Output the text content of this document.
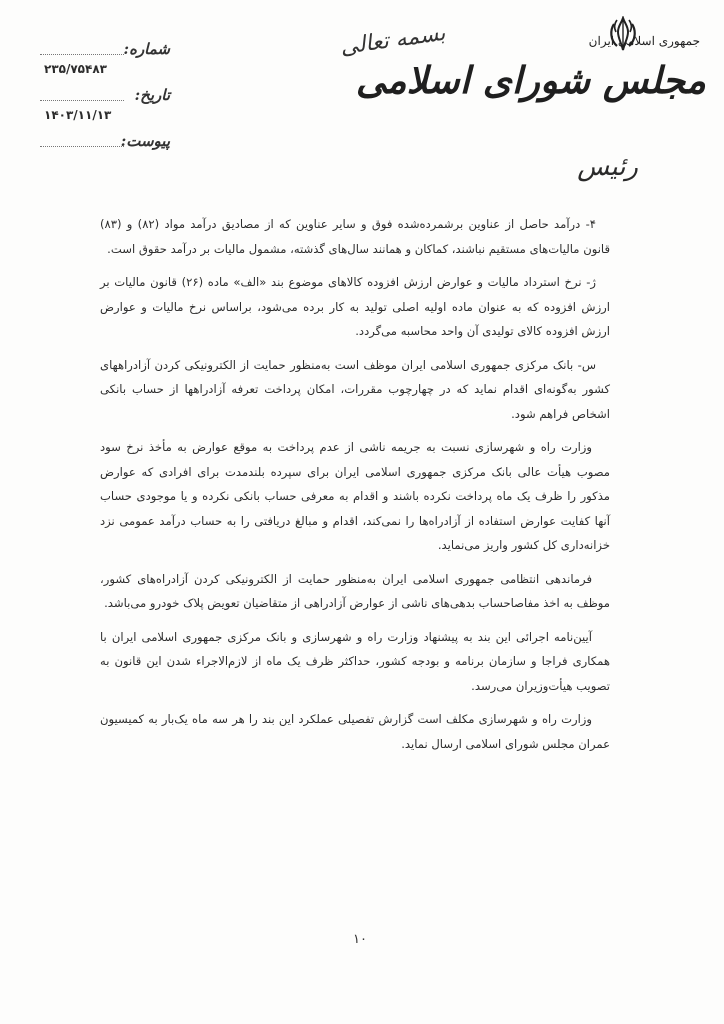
جمهوری اسلامی ایران
مجلس شورای اسلامی
رئیس
بسمه تعالی
شماره:
۲۳۵/۷۵۴۸۳
تاریخ:
۱۴۰۳/۱۱/۱۳
پیوست:

۴- درآمد حاصل از عناوین برشمرده‌شده فوق و سایر عناوین که از مصادیق درآمد مواد (۸۲) و (۸۳) قانون مالیات‌های مستقیم نباشند، کماکان و همانند سال‌های گذشته، مشمول مالیات بر درآمد حقوق است.

ژ- نرخ استرداد مالیات و عوارض ارزش افزوده کالاهای موضوع بند «الف» ماده (۲۶) قانون مالیات بر ارزش افزوده که به عنوان ماده اولیه اصلی تولید به کار برده می‌شود، براساس نرخ مالیات و عوارض ارزش افزوده کالای تولیدی آن واحد محاسبه می‌گردد.

س- بانک مرکزی جمهوری اسلامی ایران موظف است به‌منظور حمایت از الکترونیکی کردن آزادراههای کشور به‌گونه‌ای اقدام نماید که در چهارچوب مقررات، امکان پرداخت تعرفه آزادراهها از حساب بانکی اشخاص فراهم شود.

وزارت راه و شهرسازی نسبت به جریمه ناشی از عدم پرداخت به موقع عوارض به مأخذ نرخ سود مصوب هیأت عالی بانک مرکزی جمهوری اسلامی ایران برای سپرده بلندمدت برای افرادی که عوارض مذکور را ظرف یک ماه پرداخت نکرده باشند و اقدام به معرفی حساب بانکی نکرده و یا موجودی حساب آنها کفایت عوارض استفاده از آزادراه‌ها را نمی‌کند، اقدام و مبالغ دریافتی را به حساب درآمد عمومی نزد خزانه‌داری کل کشور واریز می‌نماید.

فرماندهی انتظامی جمهوری اسلامی ایران به‌منظور حمایت از الکترونیکی کردن آزادراه‌های کشور، موظف به اخذ مفاصاحساب بدهی‌های ناشی از عوارض آزادراهی از متقاضیان تعویض پلاک خودرو می‌باشد.

آیین‌نامه اجرائی این بند به پیشنهاد وزارت راه و شهرسازی و بانک مرکزی جمهوری اسلامی ایران با همکاری فراجا و سازمان برنامه و بودجه کشور، حداکثر ظرف یک ماه از لازم‌الاجراء شدن این قانون به تصویب هیأت‌وزیران می‌رسد.

وزارت راه و شهرسازی مکلف است گزارش تفصیلی عملکرد این بند را هر سه ماه یک‌بار به کمیسیون عمران مجلس شورای اسلامی ارسال نماید.

۱۰
